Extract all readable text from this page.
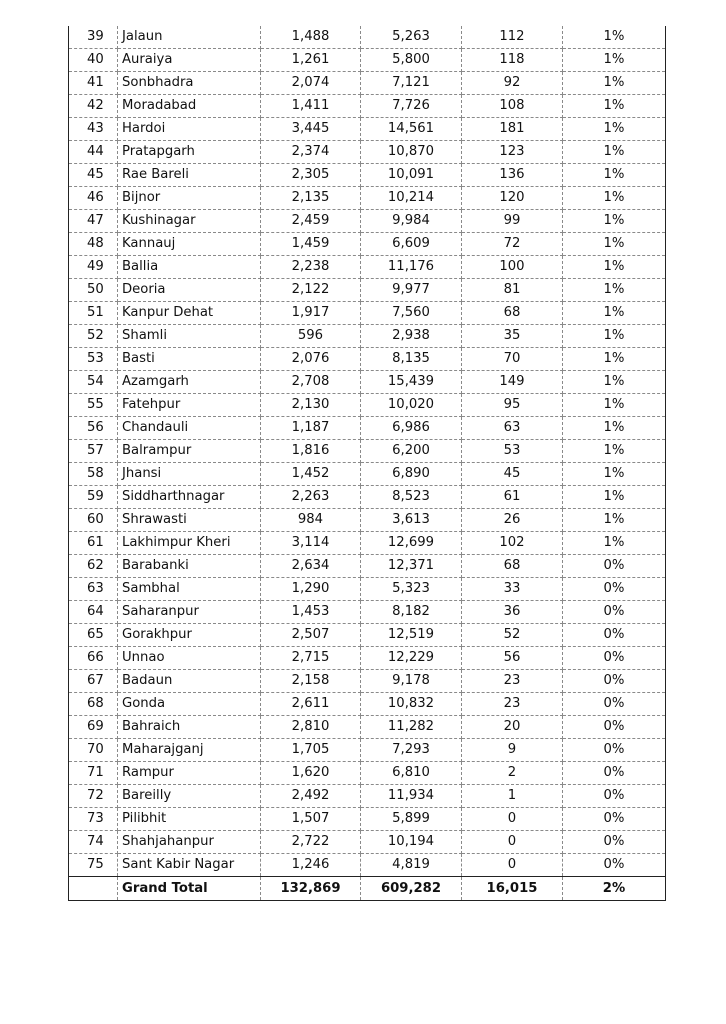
39	Jalaun	1,488	5,263	112	1%
40	Auraiya	1,261	5,800	118	1%
41	Sonbhadra	2,074	7,121	92	1%
42	Moradabad	1,411	7,726	108	1%
43	Hardoi	3,445	14,561	181	1%
44	Pratapgarh	2,374	10,870	123	1%
45	Rae Bareli	2,305	10,091	136	1%
46	Bijnor	2,135	10,214	120	1%
47	Kushinagar	2,459	9,984	99	1%
48	Kannauj	1,459	6,609	72	1%
49	Ballia	2,238	11,176	100	1%
50	Deoria	2,122	9,977	81	1%
51	Kanpur Dehat	1,917	7,560	68	1%
52	Shamli	596	2,938	35	1%
53	Basti	2,076	8,135	70	1%
54	Azamgarh	2,708	15,439	149	1%
55	Fatehpur	2,130	10,020	95	1%
56	Chandauli	1,187	6,986	63	1%
57	Balrampur	1,816	6,200	53	1%
58	Jhansi	1,452	6,890	45	1%
59	Siddharthnagar	2,263	8,523	61	1%
60	Shrawasti	984	3,613	26	1%
61	Lakhimpur Kheri	3,114	12,699	102	1%
62	Barabanki	2,634	12,371	68	0%
63	Sambhal	1,290	5,323	33	0%
64	Saharanpur	1,453	8,182	36	0%
65	Gorakhpur	2,507	12,519	52	0%
66	Unnao	2,715	12,229	56	0%
67	Badaun	2,158	9,178	23	0%
68	Gonda	2,611	10,832	23	0%
69	Bahraich	2,810	11,282	20	0%
70	Maharajganj	1,705	7,293	9	0%
71	Rampur	1,620	6,810	2	0%
72	Bareilly	2,492	11,934	1	0%
73	Pilibhit	1,507	5,899	0	0%
74	Shahjahanpur	2,722	10,194	0	0%
75	Sant Kabir Nagar	1,246	4,819	0	0%
	Grand Total	132,869	609,282	16,015	2%
